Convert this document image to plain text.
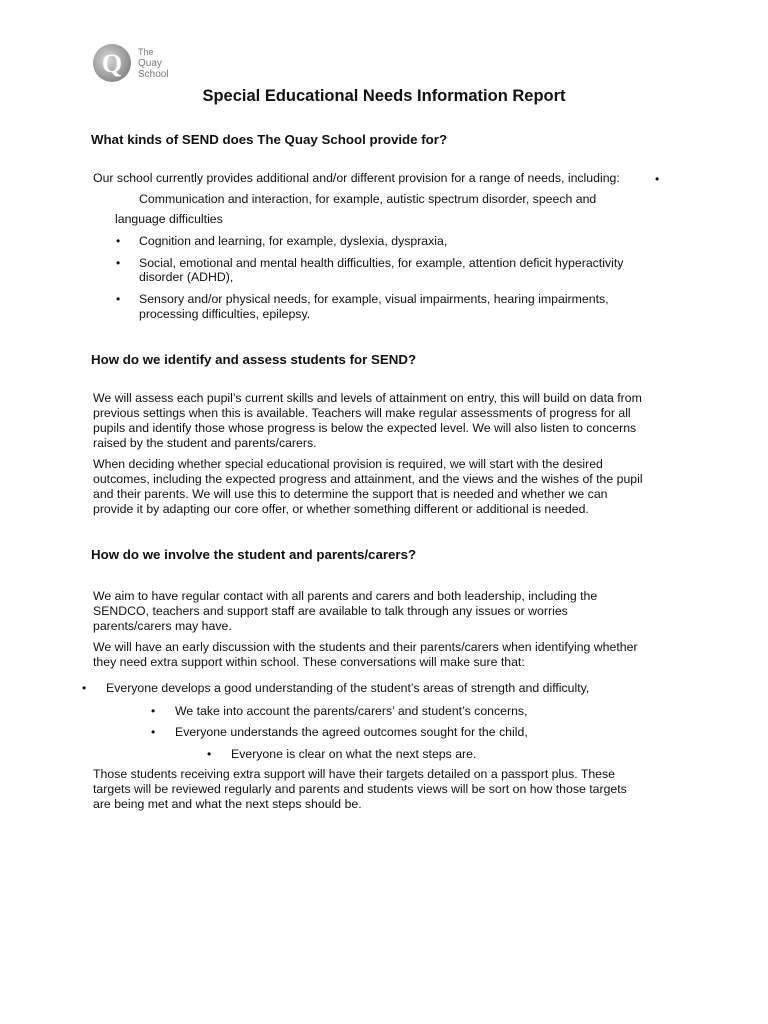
Q The
Quay
School
Special Educational Needs Information Report
What kinds of SEND does The Quay School provide for?

Our school currently provides additional and/or different provision for a range of needs, including:	•

Communication and interaction, for example, autistic spectrum disorder, speech and

language difficulties

• Cognition and learning, for example, dyslexia, dyspraxia,

• Social, emotional and mental health difficulties, for example, attention deficit hyperactivity

disorder (ADHD),

• Sensory and/or physical needs, for example, visual impairments, hearing impairments,

processing difficulties, epilepsy.

How do we identify and assess students for SEND?

We will assess each pupil’s current skills and levels of attainment on entry, this will build on data from

previous settings when this is available. Teachers will make regular assessments of progress for all

pupils and identify those whose progress is below the expected level. We will also listen to concerns

raised by the student and parents/carers.

When deciding whether special educational provision is required, we will start with the desired

outcomes, including the expected progress and attainment, and the views and the wishes of the pupil

and their parents. We will use this to determine the support that is needed and whether we can

provide it by adapting our core offer, or whether something different or additional is needed.

How do we involve the student and parents/carers?

We aim to have regular contact with all parents and carers and both leadership, including the

SENDCO, teachers and support staff are available to talk through any issues or worries

parents/carers may have.

We will have an early discussion with the students and their parents/carers when identifying whether

they need extra support within school. These conversations will make sure that:

• Everyone develops a good understanding of the student’s areas of strength and difficulty,

• We take into account the parents/carers’ and student’s concerns,

• Everyone understands the agreed outcomes sought for the child,

• Everyone is clear on what the next steps are.

Those students receiving extra support will have their targets detailed on a passport plus. These

targets will be reviewed regularly and parents and students views will be sort on how those targets

are being met and what the next steps should be.
